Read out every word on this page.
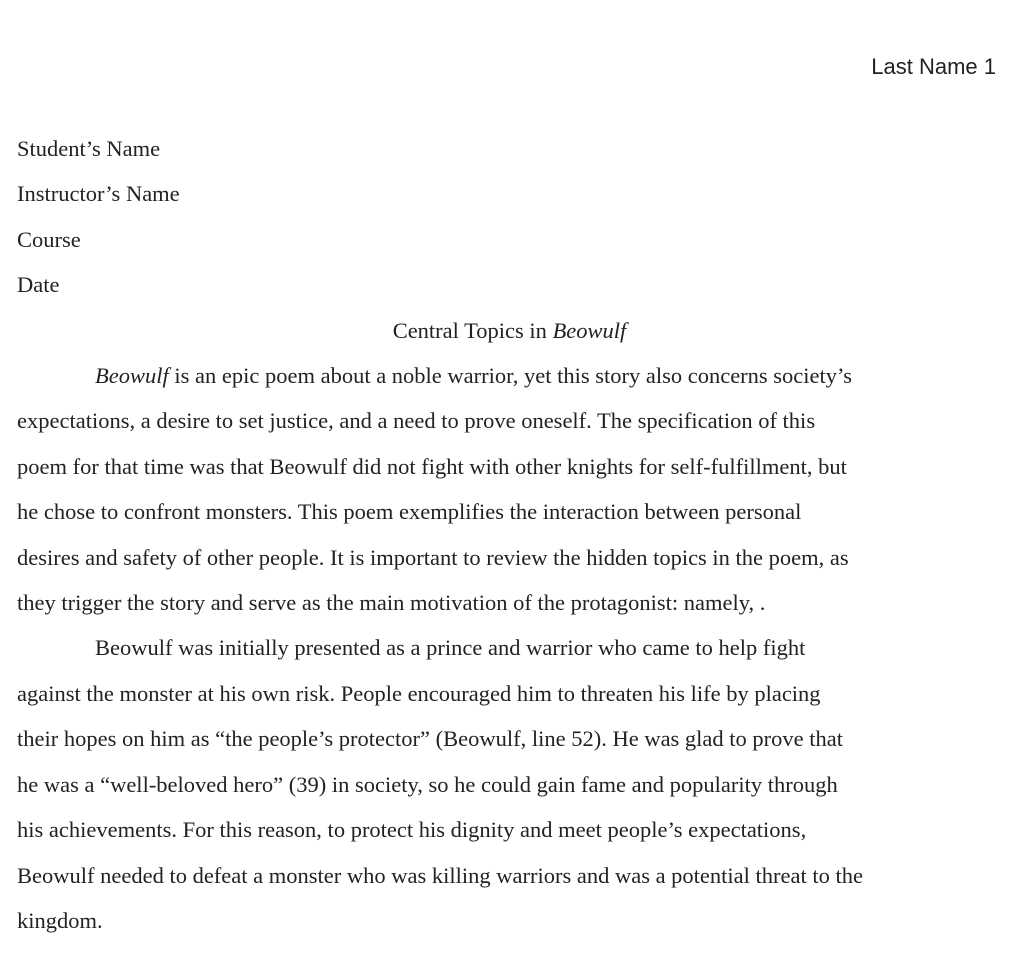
Last Name 1

Student’s Name

Instructor’s Name

Course

Date

Central Topics in Beowulf

Beowulf is an epic poem about a noble warrior, yet this story also concerns society’s
expectations, a desire to set justice, and a need to prove oneself. The specification of this
poem for that time was that Beowulf did not fight with other knights for self-fulfillment, but
he chose to confront monsters. This poem exemplifies the interaction between personal
desires and safety of other people. It is important to review the hidden topics in the poem, as
they trigger the story and serve as the main motivation of the protagonist: namely, .
Beowulf was initially presented as a prince and warrior who came to help fight
against the monster at his own risk. People encouraged him to threaten his life by placing
their hopes on him as “the people’s protector” (Beowulf, line 52). He was glad to prove that
he was a “well-beloved hero” (39) in society, so he could gain fame and popularity through
his achievements. For this reason, to protect his dignity and meet people’s expectations,
Beowulf needed to defeat a monster who was killing warriors and was a potential threat to the
kingdom.
